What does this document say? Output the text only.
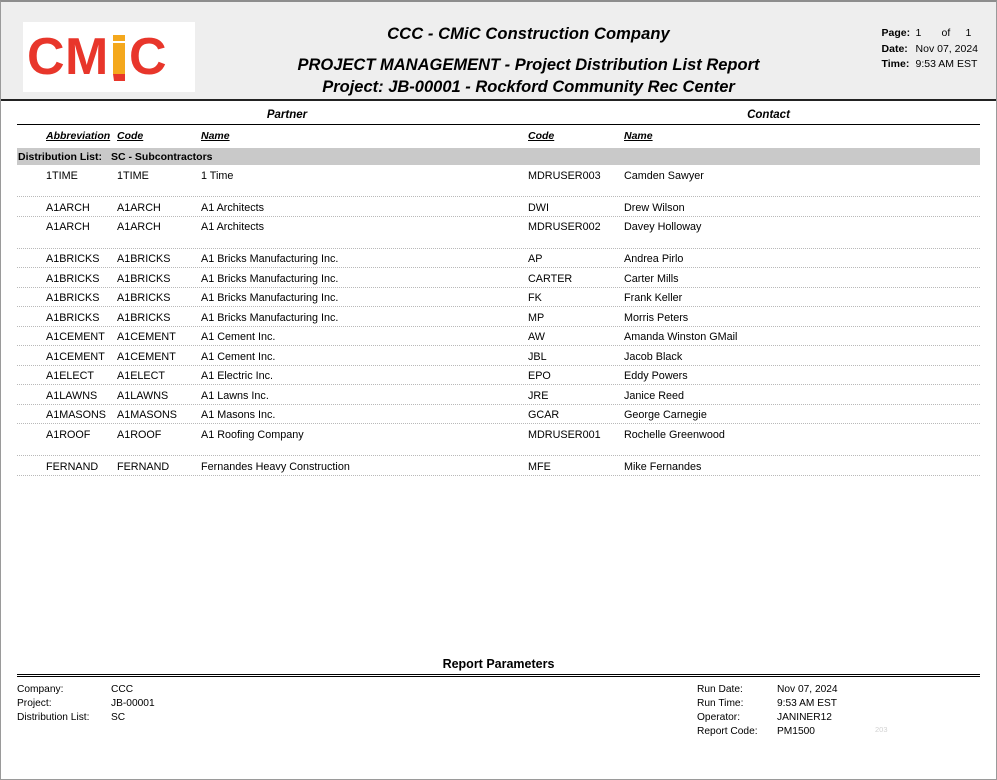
C M C	CCC - CMiC Construction Company
PROJECT MANAGEMENT - Project Distribution List Report
Project: JB-00001 - Rockford Community Rec Center
Page: 1	of	1
Date: Nov 07, 2024
Time: 9:53 AM EST
Partner	Contact
Abbreviation Code	Name	Code	Name
Distribution List: SC - Subcontractors
1TIME	1TIME	1 Time	MDRUSER003	Camden Sawyer
A1ARCH	A1ARCH	A1 Architects	DWI	Drew Wilson
A1ARCH	A1ARCH	A1 Architects	MDRUSER002	Davey Holloway
A1BRICKS	A1BRICKS	A1 Bricks Manufacturing Inc.	AP	Andrea Pirlo
A1BRICKS	A1BRICKS	A1 Bricks Manufacturing Inc.	CARTER	Carter Mills
A1BRICKS	A1BRICKS	A1 Bricks Manufacturing Inc.	FK	Frank Keller
A1BRICKS	A1BRICKS	A1 Bricks Manufacturing Inc.	MP	Morris Peters
A1CEMENT	A1CEMENT	A1 Cement Inc.	AW	Amanda Winston GMail
A1CEMENT	A1CEMENT	A1 Cement Inc.	JBL	Jacob Black
A1ELECT	A1ELECT	A1 Electric Inc.	EPO	Eddy Powers
A1LAWNS	A1LAWNS	A1 Lawns Inc.	JRE	Janice Reed
A1MASONS	A1MASONS	A1 Masons Inc.	GCAR	George Carnegie
A1ROOF	A1ROOF	A1 Roofing Company	MDRUSER001	Rochelle Greenwood
FERNAND	FERNAND	Fernandes Heavy Construction	MFE	Mike Fernandes
Report Parameters
Company:	CCC
Project:	JB-00001
Distribution List:	SC
203
Run Date:	Nov 07, 2024
Run Time:	9:53 AM EST
Operator:	JANINER12
Report Code:	PM1500
